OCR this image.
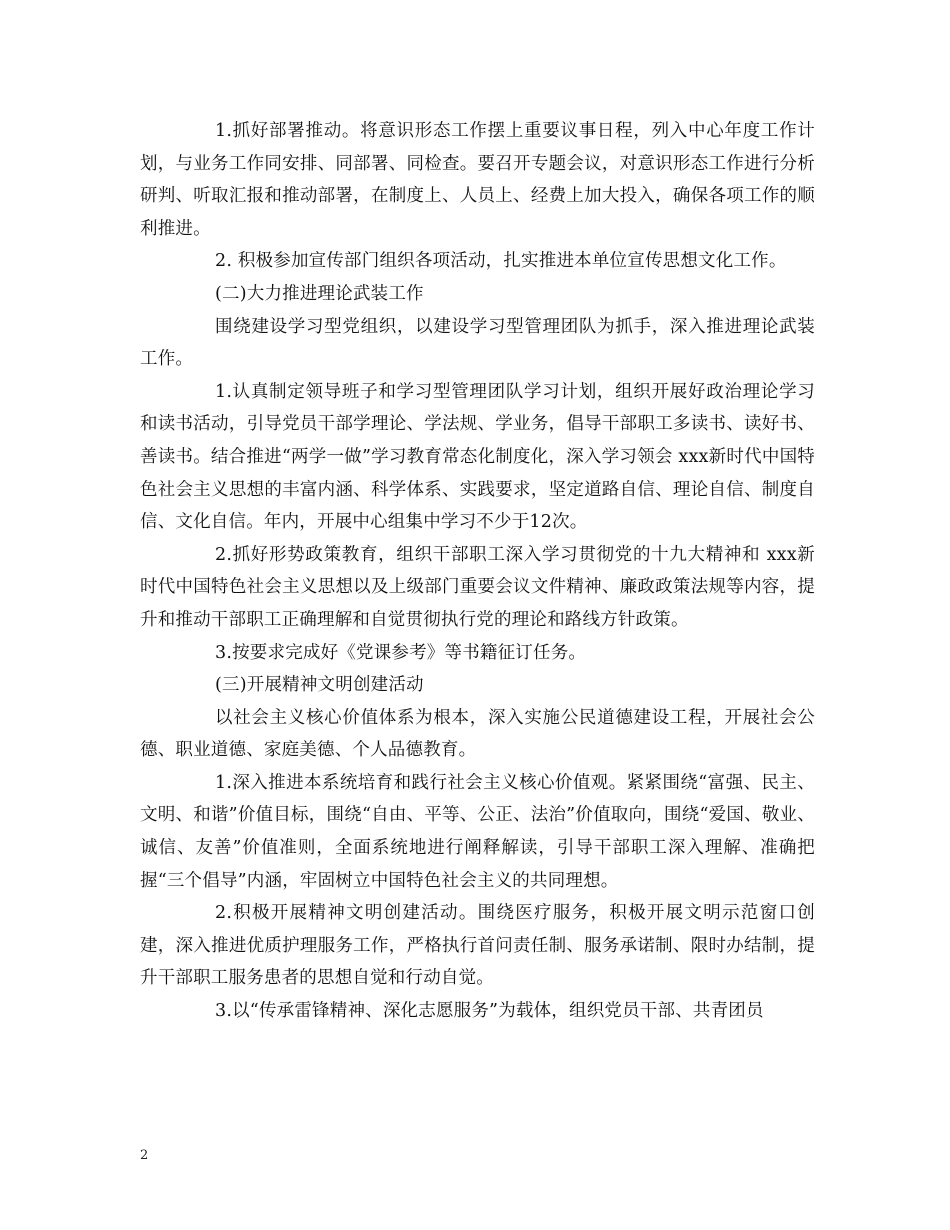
1.抓好部署推动。将意识形态工作摆上重要议事日程，列入中心年度工作计划，与业务工作同安排、同部署、同检查。要召开专题会议，对意识形态工作进行分析研判、听取汇报和推动部署，在制度上、人员上、经费上加大投入，确保各项工作的顺利推进。

2. 积极参加宣传部门组织各项活动，扎实推进本单位宣传思想文化工作。

(二)大力推进理论武装工作

围绕建设学习型党组织，以建设学习型管理团队为抓手，深入推进理论武装工作。

1.认真制定领导班子和学习型管理团队学习计划，组织开展好政治理论学习和读书活动，引导党员干部学理论、学法规、学业务，倡导干部职工多读书、读好书、善读书。结合推进“两学一做”学习教育常态化制度化，深入学习领会 xxx新时代中国特色社会主义思想的丰富内涵、科学体系、实践要求，坚定道路自信、理论自信、制度自信、文化自信。年内，开展中心组集中学习不少于12次。

2.抓好形势政策教育，组织干部职工深入学习贯彻党的十九大精神和 xxx新时代中国特色社会主义思想以及上级部门重要会议文件精神、廉政政策法规等内容，提升和推动干部职工正确理解和自觉贯彻执行党的理论和路线方针政策。

3.按要求完成好《党课参考》等书籍征订任务。

(三)开展精神文明创建活动

以社会主义核心价值体系为根本，深入实施公民道德建设工程，开展社会公德、职业道德、家庭美德、个人品德教育。

1.深入推进本系统培育和践行社会主义核心价值观。紧紧围绕“富强、民主、文明、和谐”价值目标，围绕“自由、平等、公正、法治”价值取向，围绕“爱国、敬业、诚信、友善”价值准则，全面系统地进行阐释解读，引导干部职工深入理解、准确把握“三个倡导”内涵，牢固树立中国特色社会主义的共同理想。

2.积极开展精神文明创建活动。围绕医疗服务，积极开展文明示范窗口创建，深入推进优质护理服务工作，严格执行首问责任制、服务承诺制、限时办结制，提升干部职工服务患者的思想自觉和行动自觉。

3.以“传承雷锋精神、深化志愿服务”为载体，组织党员干部、共青团员

2
